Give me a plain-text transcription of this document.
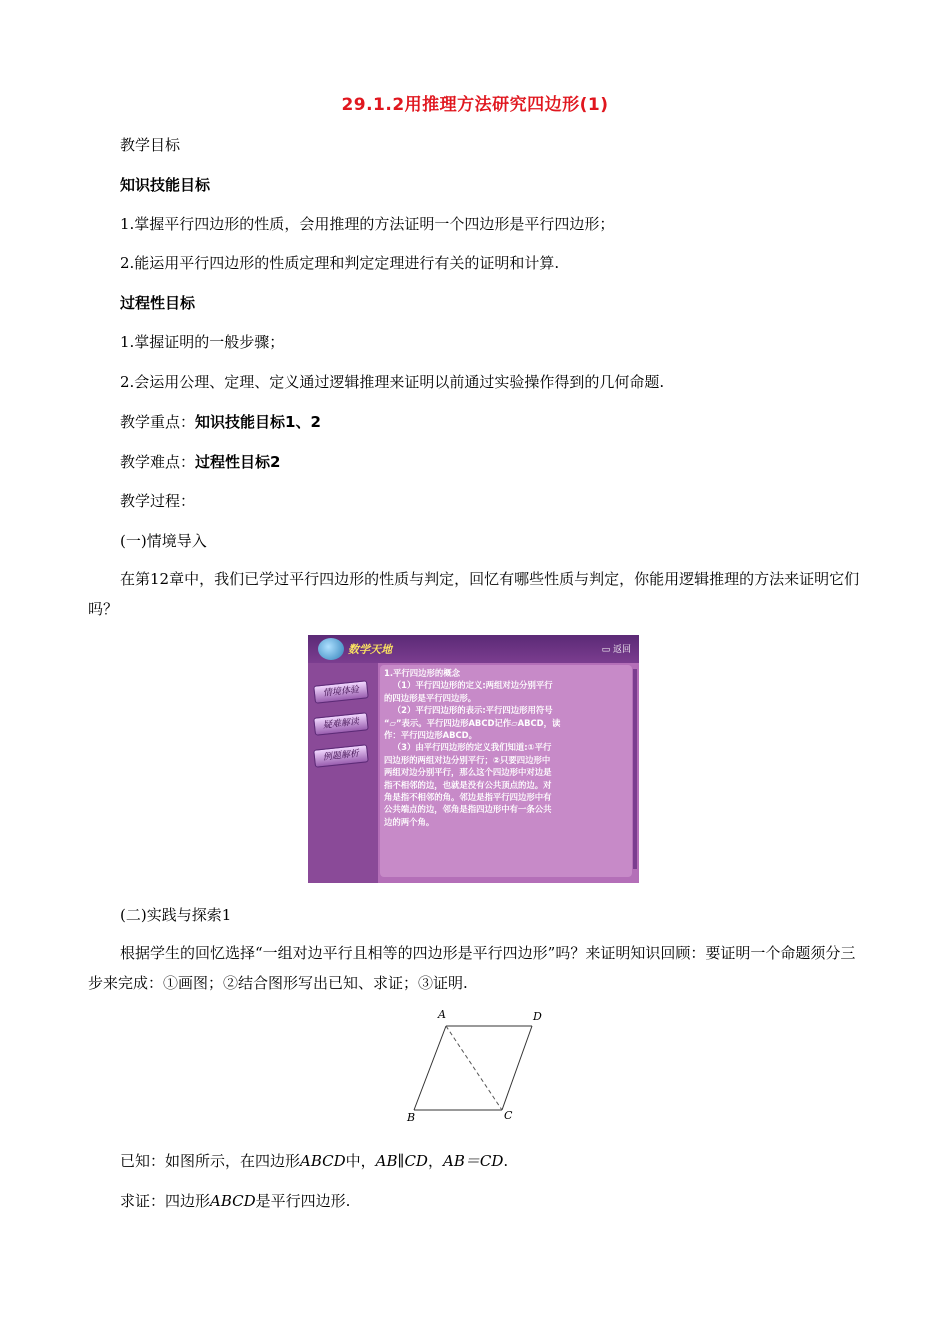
29.1.2用推理方法研究四边形(1)
教学目标
知识技能目标
1.掌握平行四边形的性质，会用推理的方法证明一个四边形是平行四边形；
2.能运用平行四边形的性质定理和判定定理进行有关的证明和计算.
过程性目标
1.掌握证明的一般步骤；
2.会运用公理、定理、定义通过逻辑推理来证明以前通过实验操作得到的几何命题.
教学重点：知识技能目标1、2
教学难点：过程性目标2
教学过程：
(一)情境导入
在第12章中，我们已学过平行四边形的性质与判定，回忆有哪些性质与判定，你能用逻辑推理的方法来证明它们吗？
数学天地	▭ 返回
情境体验
疑难解读
例题解析
1.平行四边形的概念
（1）平行四边形的定义:两组对边分别平行
的四边形是平行四边形。
（2）平行四边形的表示:平行四边形用符号
“▱”表示。平行四边形ABCD记作▱ABCD，读
作：平行四边形ABCD。
（3）由平行四边形的定义我们知道:①平行
四边形的两组对边分别平行；②只要四边形中
两组对边分别平行，那么这个四边形中对边是
指不相邻的边，也就是没有公共顶点的边。对
角是指不相邻的角。邻边是指平行四边形中有
公共端点的边，邻角是指四边形中有一条公共
边的两个角。
(二)实践与探索1
根据学生的回忆选择“一组对边平行且相等的四边形是平行四边形”吗？来证明知识回顾：要证明一个命题须分三步来完成：①画图；②结合图形写出已知、求证；③证明.
A	D
B	C
已知：如图所示，在四边形ABCD中，AB∥CD，AB＝CD.
求证：四边形ABCD是平行四边形.
